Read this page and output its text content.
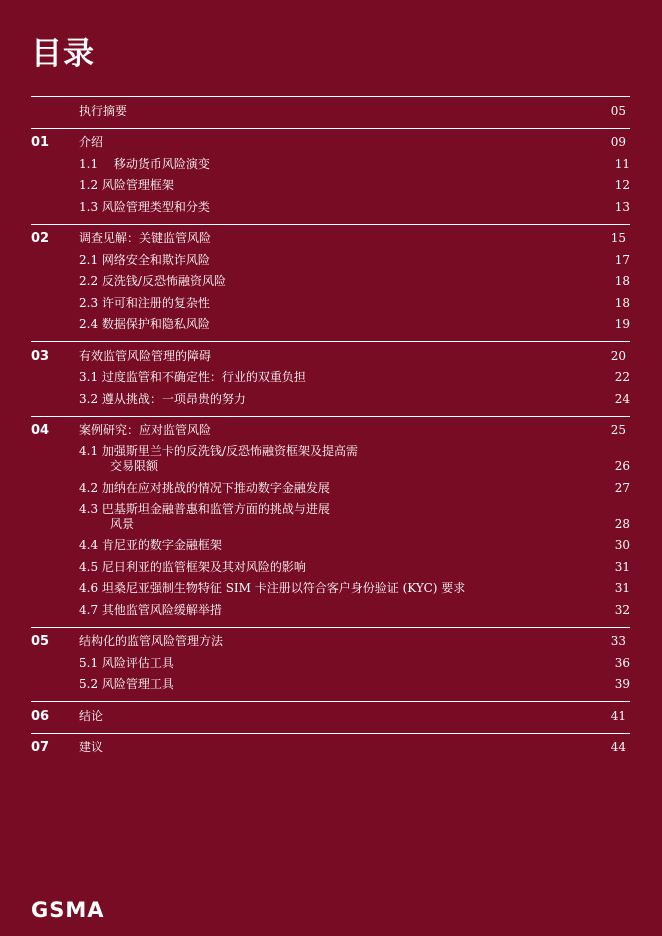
目录
执行摘要	05
01	介绍	09
1.1　 移动货币风险演变	11
1.2 风险管理框架	12
1.3 风险管理类型和分类	13
02	调查见解：关键监管风险	15
2.1 网络安全和欺诈风险	17
2.2 反洗钱/反恐怖融资风险	18
2.3 许可和注册的复杂性	18
2.4 数据保护和隐私风险	19
03	有效监管风险管理的障碍	20
3.1 过度监管和不确定性：行业的双重负担	22
3.2 遵从挑战：一项昂贵的努力	24
04	案例研究：应对监管风险	25
4.1 加强斯里兰卡的反洗钱/反恐怖融资框架及提高需
交易限额	26
4.2 加纳在应对挑战的情况下推动数字金融发展	27
4.3 巴基斯坦金融普惠和监管方面的挑战与进展
风景	28
4.4 肯尼亚的数字金融框架	30
4.5 尼日利亚的监管框架及其对风险的影响	31
4.6 坦桑尼亚强制生物特征 SIM 卡注册以符合客户身份验证 (KYC) 要求	31
4.7 其他监管风险缓解举措	32
05	结构化的监管风险管理方法	33
5.1 风险评估工具	36
5.2 风险管理工具	39
06	结论	41
07	建议	44
GSMA
